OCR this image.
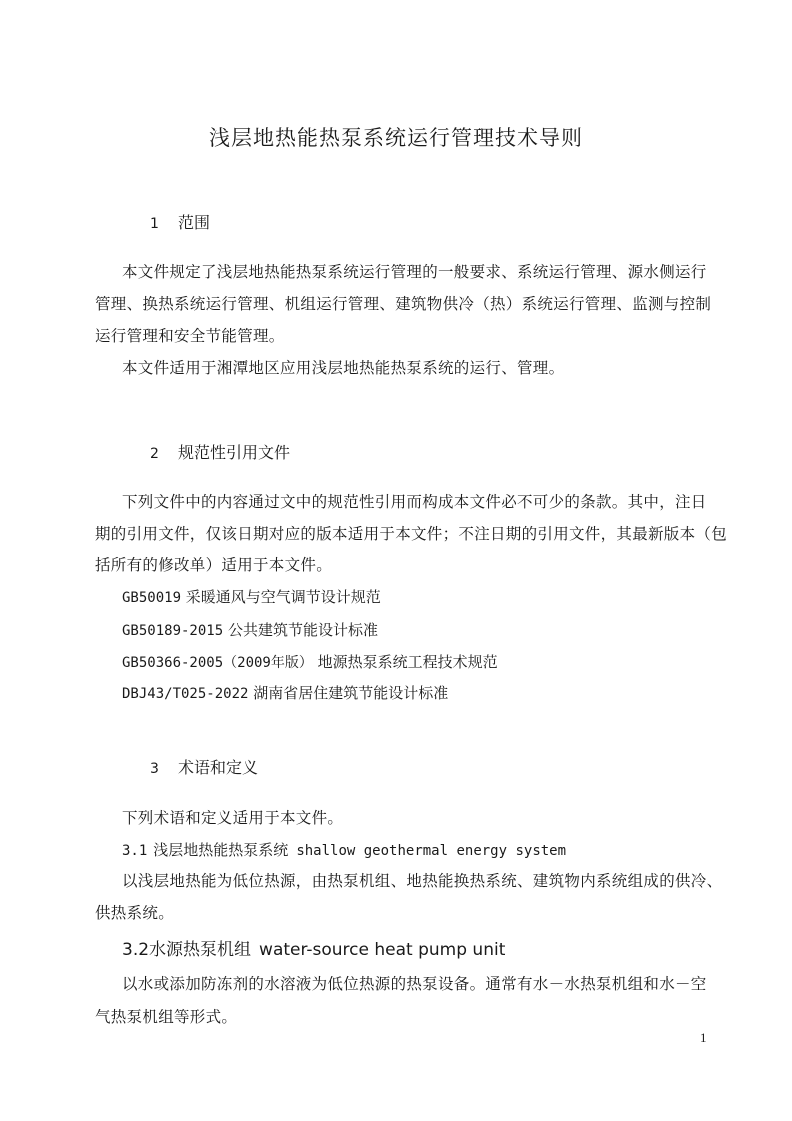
浅层地热能热泵系统运行管理技术导则
1 范围
本文件规定了浅层地热能热泵系统运行管理的一般要求、系统运行管理、源水侧运行
管理、换热系统运行管理、机组运行管理、建筑物供冷（热）系统运行管理、监测与控制
运行管理和安全节能管理。
本文件适用于湘潭地区应用浅层地热能热泵系统的运行、管理。
2 规范性引用文件
下列文件中的内容通过文中的规范性引用而构成本文件必不可少的条款。其中，注日
期的引用文件，仅该日期对应的版本适用于本文件；不注日期的引用文件，其最新版本（包
括所有的修改单）适用于本文件。
GB50019 采暖通风与空气调节设计规范
GB50189-2015 公共建筑节能设计标准
GB50366-2005（2009年版） 地源热泵系统工程技术规范
DBJ43/T025-2022 湖南省居住建筑节能设计标准
3 术语和定义
下列术语和定义适用于本文件。
3.1 浅层地热能热泵系统 shallow geothermal energy system
以浅层地热能为低位热源，由热泵机组、地热能换热系统、建筑物内系统组成的供冷、
供热系统。
3.2水源热泵机组 water-source heat pump unit
以水或添加防冻剂的水溶液为低位热源的热泵设备。通常有水－水热泵机组和水－空
气热泵机组等形式。
1
